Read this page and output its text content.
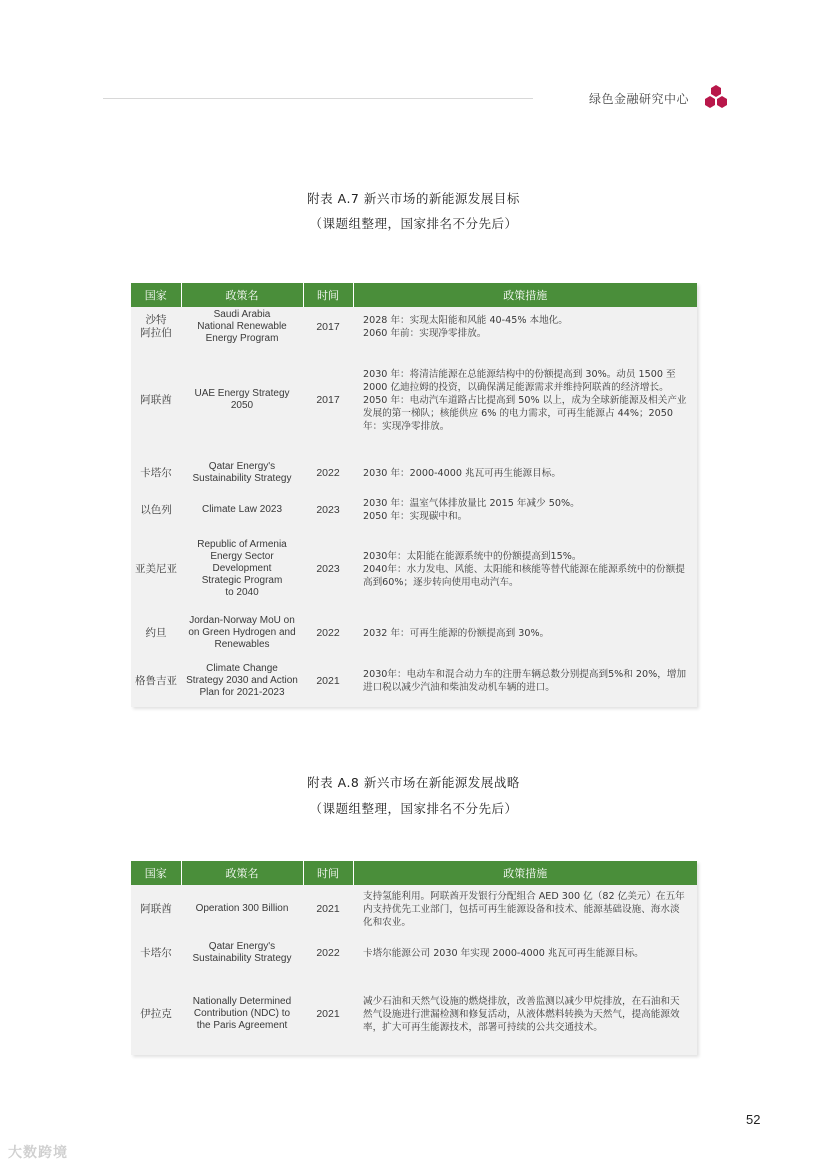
绿色金融研究中心
附表 A.7 新兴市场的新能源发展目标
（课题组整理，国家排名不分先后）
国家	政策名	时间	政策措施
沙特
阿拉伯	Saudi Arabia
National Renewable
Energy Program	2017	2028 年：实现太阳能和风能 40-45% 本地化。
2060 年前：实现净零排放。

阿联酋	UAE Energy Strategy
2050	2017	2030 年：将清洁能源在总能源结构中的份额提高到 30%。动员 1500 至 2000 亿迪拉姆的投资，以确保满足能源需求并维持阿联酋的经济增长。
2050 年：电动汽车道路占比提高到 50% 以上，成为全球新能源及相关产业发展的第一梯队；核能供应 6% 的电力需求，可再生能源占 44%；2050 年：实现净零排放。

卡塔尔	Qatar Energy's
Sustainability Strategy	2022	2030 年：2000-4000 兆瓦可再生能源目标。

以色列	Climate Law 2023	2023	2030 年：温室气体排放量比 2015 年减少 50%。
2050 年：实现碳中和。

亚美尼亚	Republic of Armenia
Energy Sector
Development
Strategic Program
to 2040	2023	2030年：太阳能在能源系统中的份额提高到15%。
2040年：水力发电、风能、太阳能和核能等替代能源在能源系统中的份额提高到60%；逐步转向使用电动汽车。

约旦	Jordan-Norway MoU on
on Green Hydrogen and
Renewables	2022	2032 年：可再生能源的份额提高到 30%。

格鲁吉亚	Climate Change
Strategy 2030 and Action
Plan for 2021-2023	2021	2030年：电动车和混合动力车的注册车辆总数分别提高到5%和 20%，增加进口税以减少汽油和柴油发动机车辆的进口。
附表 A.8 新兴市场在新能源发展战略
（课题组整理，国家排名不分先后）
国家	政策名	时间	政策措施
阿联酋	Operation 300 Billion	2021	支持氢能利用。阿联酋开发银行分配组合 AED 300 亿（82 亿美元）在五年内支持优先工业部门，包括可再生能源设备和技术、能源基础设施、海水淡化和农业。

卡塔尔	Qatar Energy's
Sustainability Strategy	2022	卡塔尔能源公司 2030 年实现 2000-4000 兆瓦可再生能源目标。

伊拉克	Nationally Determined
Contribution (NDC) to
the Paris Agreement	2021	减少石油和天然气设施的燃烧排放，改善监测以减少甲烷排放，在石油和天然气设施进行泄漏检测和修复活动，从液体燃料转换为天然气，提高能源效率，扩大可再生能源技术，部署可持续的公共交通技术。
52
大数跨境
